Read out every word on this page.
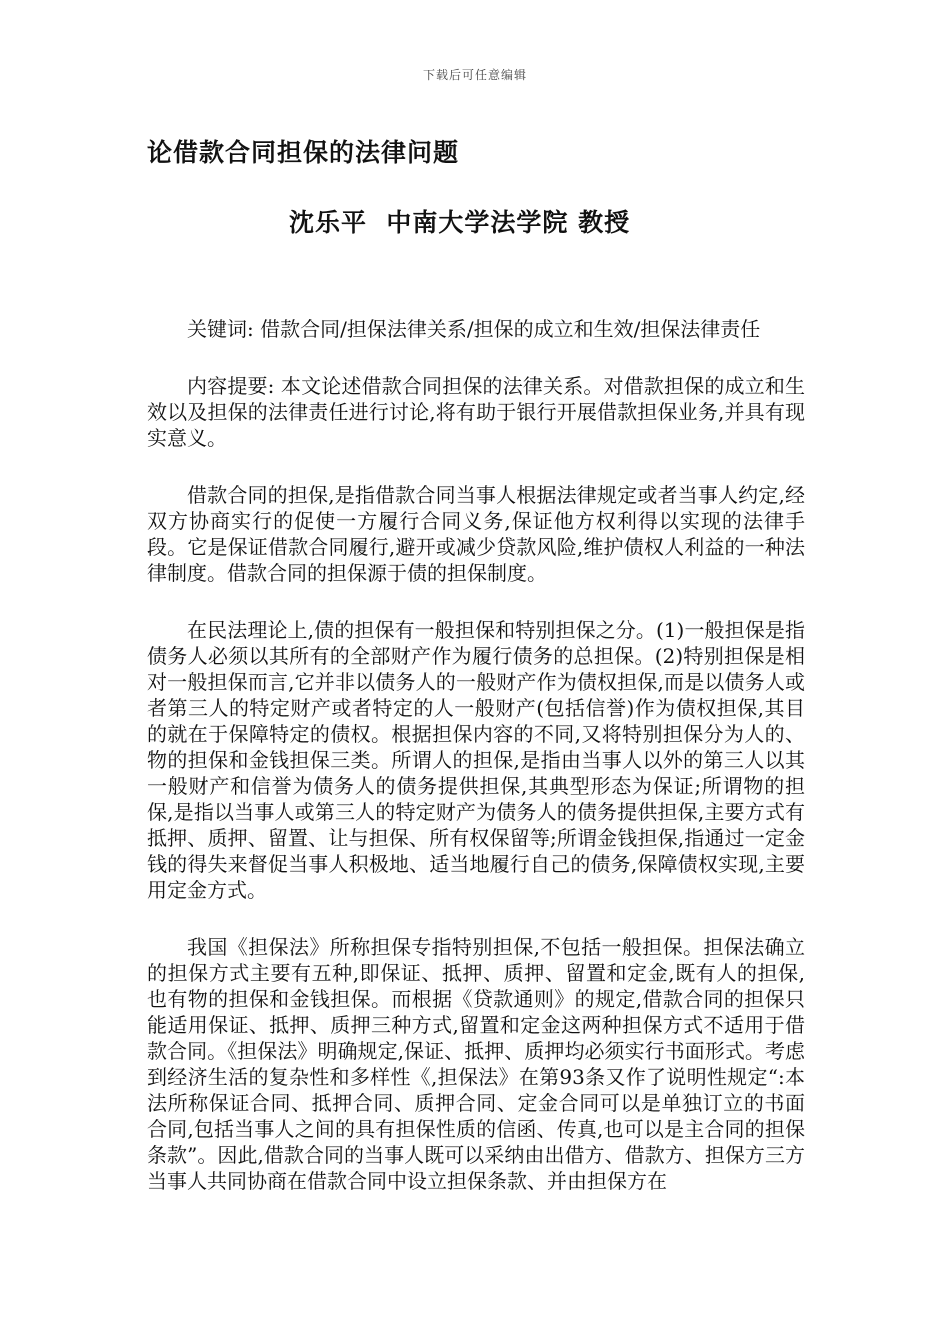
下载后可任意编辑
论借款合同担保的法律问题
沈乐平  中南大学法学院 教授

关键词: 借款合同/担保法律关系/担保的成立和生效/担保法律责任

内容提要: 本文论述借款合同担保的法律关系。对借款担保的成立和生效以及担保的法律责任进行讨论,将有助于银行开展借款担保业务,并具有现实意义。

借款合同的担保,是指借款合同当事人根据法律规定或者当事人约定,经双方协商实行的促使一方履行合同义务,保证他方权利得以实现的法律手段。它是保证借款合同履行,避开或减少贷款风险,维护债权人利益的一种法律制度。借款合同的担保源于债的担保制度。

在民法理论上,债的担保有一般担保和特别担保之分。(1)一般担保是指债务人必须以其所有的全部财产作为履行债务的总担保。(2)特别担保是相对一般担保而言,它并非以债务人的一般财产作为债权担保,而是以债务人或者第三人的特定财产或者特定的人一般财产(包括信誉)作为债权担保,其目的就在于保障特定的债权。根据担保内容的不同,又将特别担保分为人的、物的担保和金钱担保三类。所谓人的担保,是指由当事人以外的第三人以其一般财产和信誉为债务人的债务提供担保,其典型形态为保证;所谓物的担保,是指以当事人或第三人的特定财产为债务人的债务提供担保,主要方式有抵押、质押、留置、让与担保、所有权保留等;所谓金钱担保,指通过一定金钱的得失来督促当事人积极地、适当地履行自己的债务,保障债权实现,主要用定金方式。

我国《担保法》所称担保专指特别担保,不包括一般担保。担保法确立的担保方式主要有五种,即保证、抵押、质押、留置和定金,既有人的担保,也有物的担保和金钱担保。而根据《贷款通则》的规定,借款合同的担保只能适用保证、抵押、质押三种方式,留置和定金这两种担保方式不适用于借款合同。《担保法》明确规定,保证、抵押、质押均必须实行书面形式。考虑到经济生活的复杂性和多样性《,担保法》在第93条又作了说明性规定“:本法所称保证合同、抵押合同、质押合同、定金合同可以是单独订立的书面合同,包括当事人之间的具有担保性质的信函、传真,也可以是主合同的担保条款”。因此,借款合同的当事人既可以采纳由出借方、借款方、担保方三方当事人共同协商在借款合同中设立担保条款、并由担保方在
